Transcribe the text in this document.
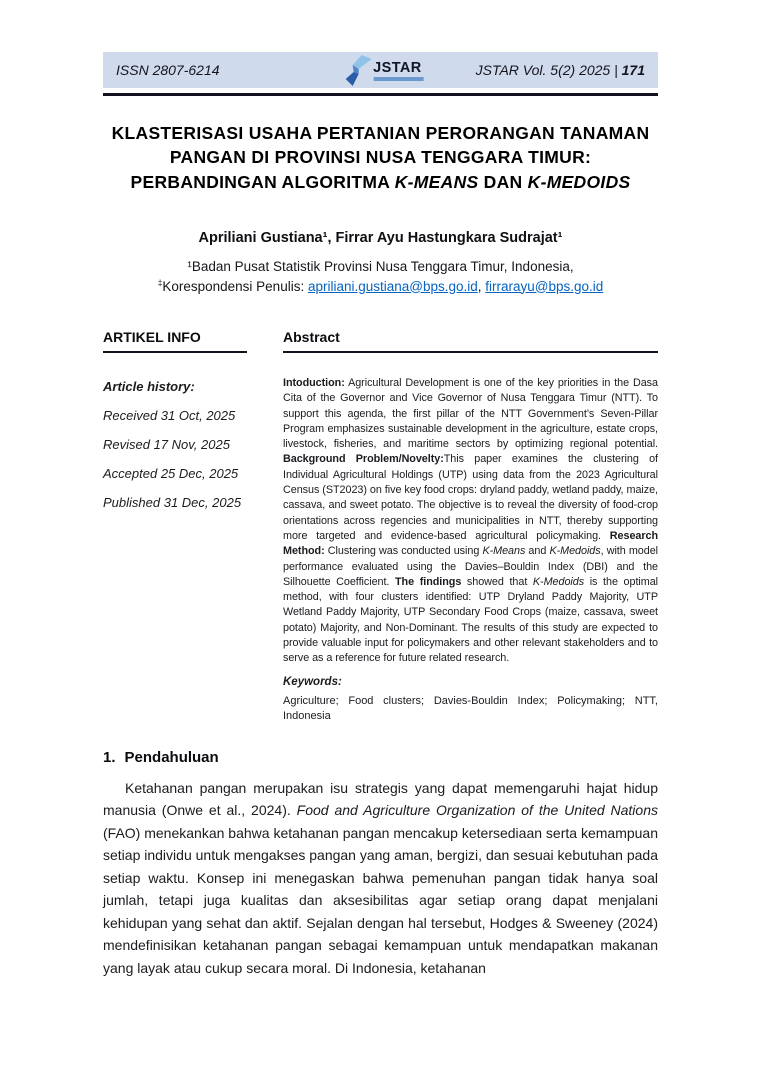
ISSN 2807-6214	JSTAR	JSTAR Vol. 5(2) 2025 | 171
KLASTERISASI USAHA PERTANIAN PERORANGAN TANAMAN
PANGAN DI PROVINSI NUSA TENGGARA TIMUR:
PERBANDINGAN ALGORITMA K-MEANS DAN K-MEDOIDS
Apriliani Gustiana¹, Firrar Ayu Hastungkara Sudrajat¹
¹Badan Pusat Statistik Provinsi Nusa Tenggara Timur, Indonesia,
‡Korespondensi Penulis: apriliani.gustiana@bps.go.id, firrarayu@bps.go.id
ARTIKEL INFO
Article history:
Received 31 Oct, 2025
Revised 17 Nov, 2025
Accepted 25 Dec, 2025
Published 31 Dec, 2025
Abstract
Intoduction: Agricultural Development is one of the key priorities in the Dasa Cita of the Governor and Vice Governor of Nusa Tenggara Timur (NTT). To support this agenda, the first pillar of the NTT Government’s Seven-Pillar Program emphasizes sustainable development in the agriculture, estate crops, livestock, fisheries, and maritime sectors by optimizing regional potential. Background Problem/Novelty:This paper examines the clustering of Individual Agricultural Holdings (UTP) using data from the 2023 Agricultural Census (ST2023) on five key food crops: dryland paddy, wetland paddy, maize, cassava, and sweet potato. The objective is to reveal the diversity of food-crop orientations across regencies and municipalities in NTT, thereby supporting more targeted and evidence-based agricultural policymaking. Research Method: Clustering was conducted using K-Means and K-Medoids, with model performance evaluated using the Davies–Bouldin Index (DBI) and the Silhouette Coefficient. The findings showed that K-Medoids is the optimal method, with four clusters identified: UTP Dryland Paddy Majority, UTP Wetland Paddy Majority, UTP Secondary Food Crops (maize, cassava, sweet potato) Majority, and Non-Dominant. The results of this study are expected to provide valuable input for policymakers and other relevant stakeholders and to serve as a reference for future related research.
Keywords:
Agriculture; Food clusters; Davies-Bouldin Index; Policymaking; NTT, Indonesia
1. Pendahuluan
Ketahanan pangan merupakan isu strategis yang dapat memengaruhi hajat hidup manusia (Onwe et al., 2024). Food and Agriculture Organization of the United Nations (FAO) menekankan bahwa ketahanan pangan mencakup ketersediaan serta kemampuan setiap individu untuk mengakses pangan yang aman, bergizi, dan sesuai kebutuhan pada setiap waktu. Konsep ini menegaskan bahwa pemenuhan pangan tidak hanya soal jumlah, tetapi juga kualitas dan aksesibilitas agar setiap orang dapat menjalani kehidupan yang sehat dan aktif. Sejalan dengan hal tersebut, Hodges & Sweeney (2024) mendefinisikan ketahanan pangan sebagai kemampuan untuk mendapatkan makanan yang layak atau cukup secara moral. Di Indonesia, ketahanan
